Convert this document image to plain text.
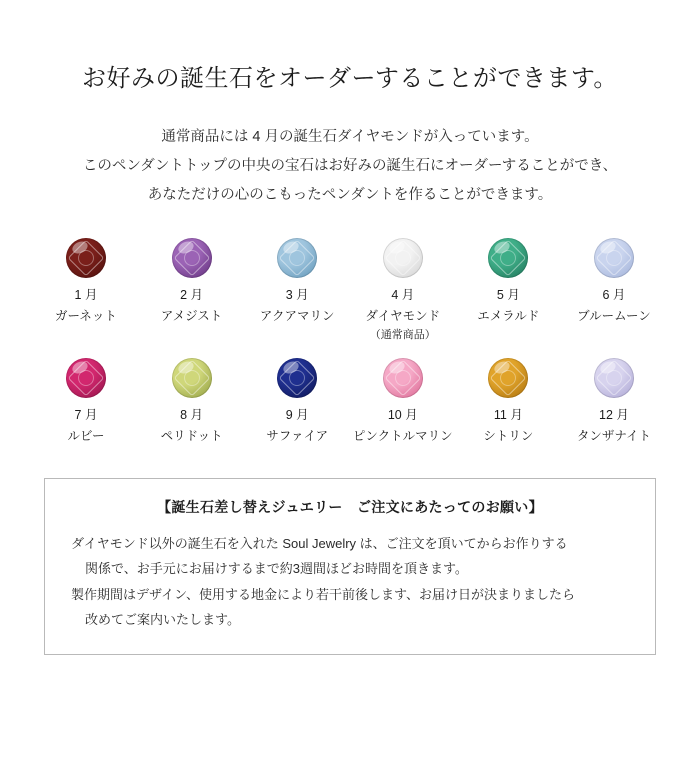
お好みの誕生石をオーダーすることができます。
通常商品には 4 月の誕生石ダイヤモンドが入っています。
このペンダントトップの中央の宝石はお好みの誕生石にオーダーすることができ、
あなただけの心のこもったペンダントを作ることができます。
1 月
ガーネット
2 月
アメジスト
3 月
アクアマリン
4 月
ダイヤモンド
（通常商品）
5 月
エメラルド
6 月
ブルームーン
7 月
ルビー
8 月
ペリドット
9 月
サファイア
10 月
ピンクトルマリン
11 月
シトリン
12 月
タンザナイト
【誕生石差し替えジュエリー　ご注文にあたってのお願い】
ダイヤモンド以外の誕生石を入れた Soul Jewelry は、ご注文を頂いてからお作りする
関係で、お手元にお届けするまで約3週間ほどお時間を頂きます。
製作期間はデザイン、使用する地金により若干前後します、お届け日が決まりましたら
改めてご案内いたします。
